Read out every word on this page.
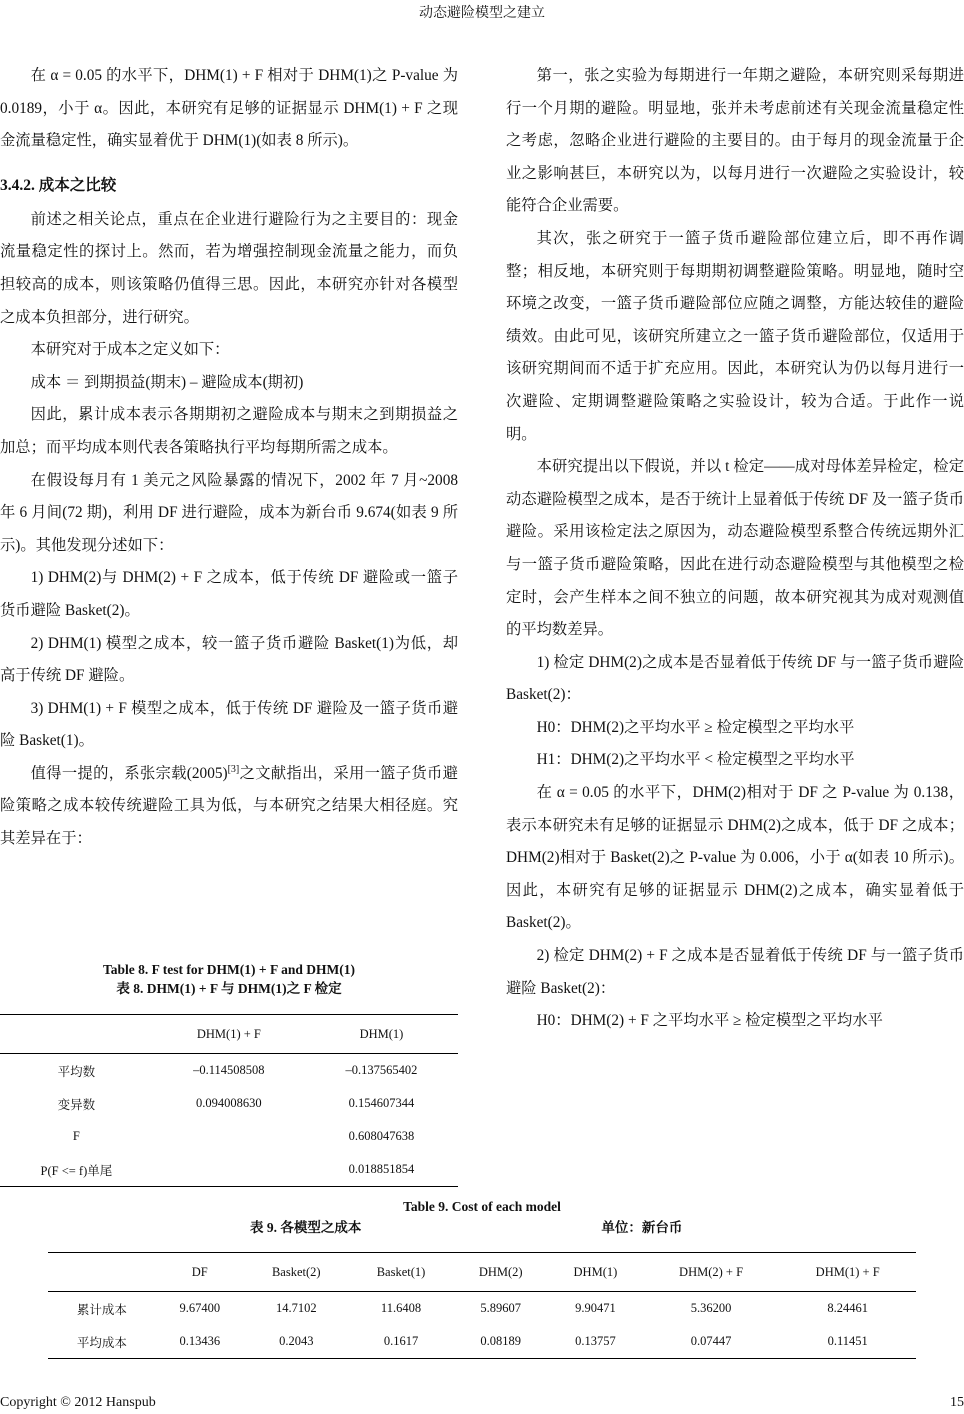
动态避险模型之建立

在 α = 0.05 的水平下，DHM(1) + F 相对于 DHM(1)之 P-value 为 0.0189，小于 α。因此，本研究有足够的证据显示 DHM(1) + F 之现金流量稳定性，确实显着优于 DHM(1)(如表 8 所示)。

3.4.2. 成本之比较

前述之相关论点，重点在企业进行避险行为之主要目的：现金流量稳定性的探讨上。然而，若为增强控制现金流量之能力，而负担较高的成本，则该策略仍值得三思。因此，本研究亦针对各模型之成本负担部分，进行研究。

本研究对于成本之定义如下：

成本 ＝ 到期损益(期末) – 避险成本(期初)

因此，累计成本表示各期期初之避险成本与期末之到期损益之加总；而平均成本则代表各策略执行平均每期所需之成本。

在假设每月有 1 美元之风险暴露的情况下，2002 年 7 月~2008 年 6 月间(72 期)，利用 DF 进行避险，成本为新台币 9.674(如表 9 所示)。其他发现分述如下：

1) DHM(2)与 DHM(2) + F 之成本，低于传统 DF 避险或一篮子货币避险 Basket(2)。

2) DHM(1) 模型之成本，较一篮子货币避险 Basket(1)为低，却高于传统 DF 避险。

3) DHM(1) + F 模型之成本，低于传统 DF 避险及一篮子货币避险 Basket(1)。

值得一提的，系张宗载(2005)[3]之文献指出，采用一篮子货币避险策略之成本较传统避险工具为低，与本研究之结果大相径庭。究其差异在于：

第一，张之实验为每期进行一年期之避险，本研究则采每期进行一个月期的避险。明显地，张并未考虑前述有关现金流量稳定性之考虑，忽略企业进行避险的主要目的。由于每月的现金流量于企业之影响甚巨，本研究以为，以每月进行一次避险之实验设计，较能符合企业需要。

其次，张之研究于一篮子货币避险部位建立后，即不再作调整；相反地，本研究则于每期期初调整避险策略。明显地，随时空环境之改变，一篮子货币避险部位应随之调整，方能达较佳的避险绩效。由此可见，该研究所建立之一篮子货币避险部位，仅适用于该研究期间而不适于扩充应用。因此，本研究认为仍以每月进行一次避险、定期调整避险策略之实验设计，较为合适。于此作一说明。

本研究提出以下假说，并以 t 检定——成对母体差异检定，检定动态避险模型之成本，是否于统计上显着低于传统 DF 及一篮子货币避险。采用该检定法之原因为，动态避险模型系整合传统远期外汇与一篮子货币避险策略，因此在进行动态避险模型与其他模型之检定时，会产生样本之间不独立的问题，故本研究视其为成对观测值的平均数差异。

1) 检定 DHM(2)之成本是否显着低于传统 DF 与一篮子货币避险 Basket(2)：

H0：DHM(2)之平均水平 ≥ 检定模型之平均水平

H1：DHM(2)之平均水平 < 检定模型之平均水平

在 α = 0.05 的水平下，DHM(2)相对于 DF 之 P-value 为 0.138，表示本研究未有足够的证据显示 DHM(2)之成本，低于 DF 之成本；DHM(2)相对于 Basket(2)之 P-value 为 0.006，小于 α(如表 10 所示)。因此，本研究有足够的证据显示 DHM(2)之成本，确实显着低于 Basket(2)。

2) 检定 DHM(2) + F 之成本是否显着低于传统 DF 与一篮子货币避险 Basket(2)：

H0：DHM(2) + F 之平均水平 ≥ 检定模型之平均水平

Table 8. F test for DHM(1) + F and DHM(1)
表 8. DHM(1) + F 与 DHM(1)之 F 检定
	DHM(1) + F	DHM(1)
平均数	–0.114508508	–0.137565402
变异数	0.094008630	0.154607344
F		0.608047638
P(F <= f)单尾		0.018851854
Table 9. Cost of each model
表 9. 各模型之成本	单位：新台币
	DF	Basket(2)	Basket(1)	DHM(2)	DHM(1)	DHM(2) + F	DHM(1) + F
累计成本	9.67400	14.7102	11.6408	5.89607	9.90471	5.36200	8.24461
平均成本	0.13436	0.2043	0.1617	0.08189	0.13757	0.07447	0.11451
Copyright © 2012 Hanspub	15
